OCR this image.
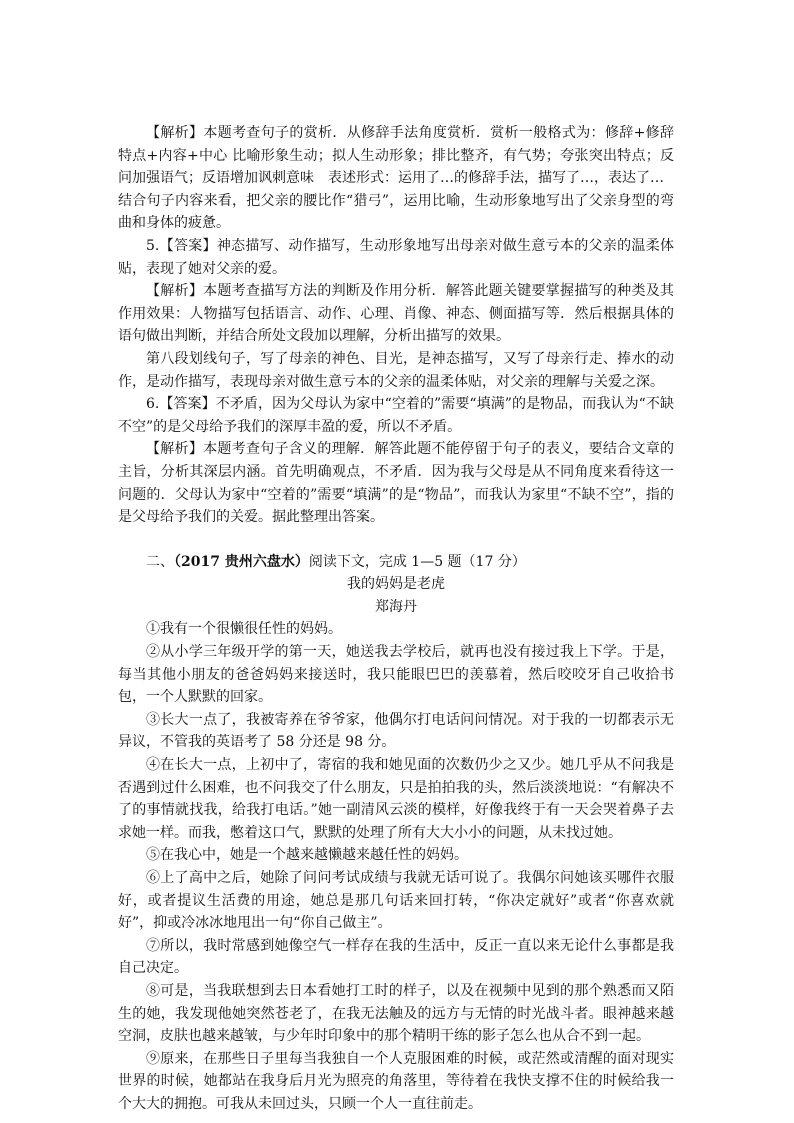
【解析】本题考查句子的赏析．从修辞手法角度赏析．赏析一般格式为：修辞+修辞特点+内容+中心 比喻形象生动；拟人生动形象；排比整齐，有气势；夸张突出特点；反问加强语气；反语增加讽刺意味　表述形式：运用了…的修辞手法，描写了…，表达了…

结合句子内容来看，把父亲的腰比作“猎弓”，运用比喻，生动形象地写出了父亲身型的弯曲和身体的疲惫。

5.【答案】神态描写、动作描写，生动形象地写出母亲对做生意亏本的父亲的温柔体贴，表现了她对父亲的爱。

【解析】本题考查描写方法的判断及作用分析．解答此题关键要掌握描写的种类及其作用效果：人物描写包括语言、动作、心理、肖像、神态、侧面描写等．然后根据具体的语句做出判断，并结合所处文段加以理解，分析出描写的效果。

第八段划线句子，写了母亲的神色、目光，是神态描写，又写了母亲行走、捧水的动作，是动作描写，表现母亲对做生意亏本的父亲的温柔体贴，对父亲的理解与关爱之深。

6.【答案】不矛盾，因为父母认为家中“空着的”需要“填满”的是物品，而我认为“不缺不空”的是父母给予我们的深厚丰盈的爱，所以不矛盾。

【解析】本题考查句子含义的理解．解答此题不能停留于句子的表义，要结合文章的主旨，分析其深层内涵。首先明确观点，不矛盾．因为我与父母是从不同角度来看待这一问题的．父母认为家中“空着的”需要“填满”的是“物品”，而我认为家里“不缺不空”，指的是父母给予我们的关爱。据此整理出答案。

二、（2017 贵州六盘水）阅读下文，完成 1—5 题（17 分）

我的妈妈是老虎

郑海丹

①我有一个很懒很任性的妈妈。

②从小学三年级开学的第一天，她送我去学校后，就再也没有接过我上下学。于是，每当其他小朋友的爸爸妈妈来接送时，我只能眼巴巴的羡慕着，然后咬咬牙自己收拾书包，一个人默默的回家。

③长大一点了，我被寄养在爷爷家，他偶尔打电话问问情况。对于我的一切都表示无异议，不管我的英语考了 58 分还是 98 分。

④在长大一点，上初中了，寄宿的我和她见面的次数仍少之又少。她几乎从不问我是否遇到过什么困难，也不问我交了什么朋友，只是拍拍我的头，然后淡淡地说：“有解决不了的事情就找我，给我打电话。”她一副清风云淡的模样，好像我终于有一天会哭着鼻子去求她一样。而我，憋着这口气，默默的处理了所有大大小小的问题，从未找过她。

⑤在我心中，她是一个越来越懒越来越任性的妈妈。

⑥上了高中之后，她除了问问考试成绩与我就无话可说了。我偶尔问她该买哪件衣服好，或者提议生活费的用途，她总是那几句话来回打转，“你决定就好”或者“你喜欢就好”，抑或冷冰冰地甩出一句“你自己做主”。

⑦所以，我时常感到她像空气一样存在我的生活中，反正一直以来无论什么事都是我自己决定。

⑧可是，当我联想到去日本看她打工时的样子，以及在视频中见到的那个熟悉而又陌生的她，我发现他她突然苍老了，在我无法触及的远方与无情的时光战斗者。眼神越来越空洞，皮肤也越来越皱，与少年时印象中的那个精明干练的影子怎么也从合不到一起。

⑨原来，在那些日子里每当我独自一个人克服困难的时候，或茫然或清醒的面对现实世界的时候，她都站在我身后月光为照亮的角落里，等待着在我快支撑不住的时候给我一个大大的拥抱。可我从未回过头，只顾一个人一直往前走。
